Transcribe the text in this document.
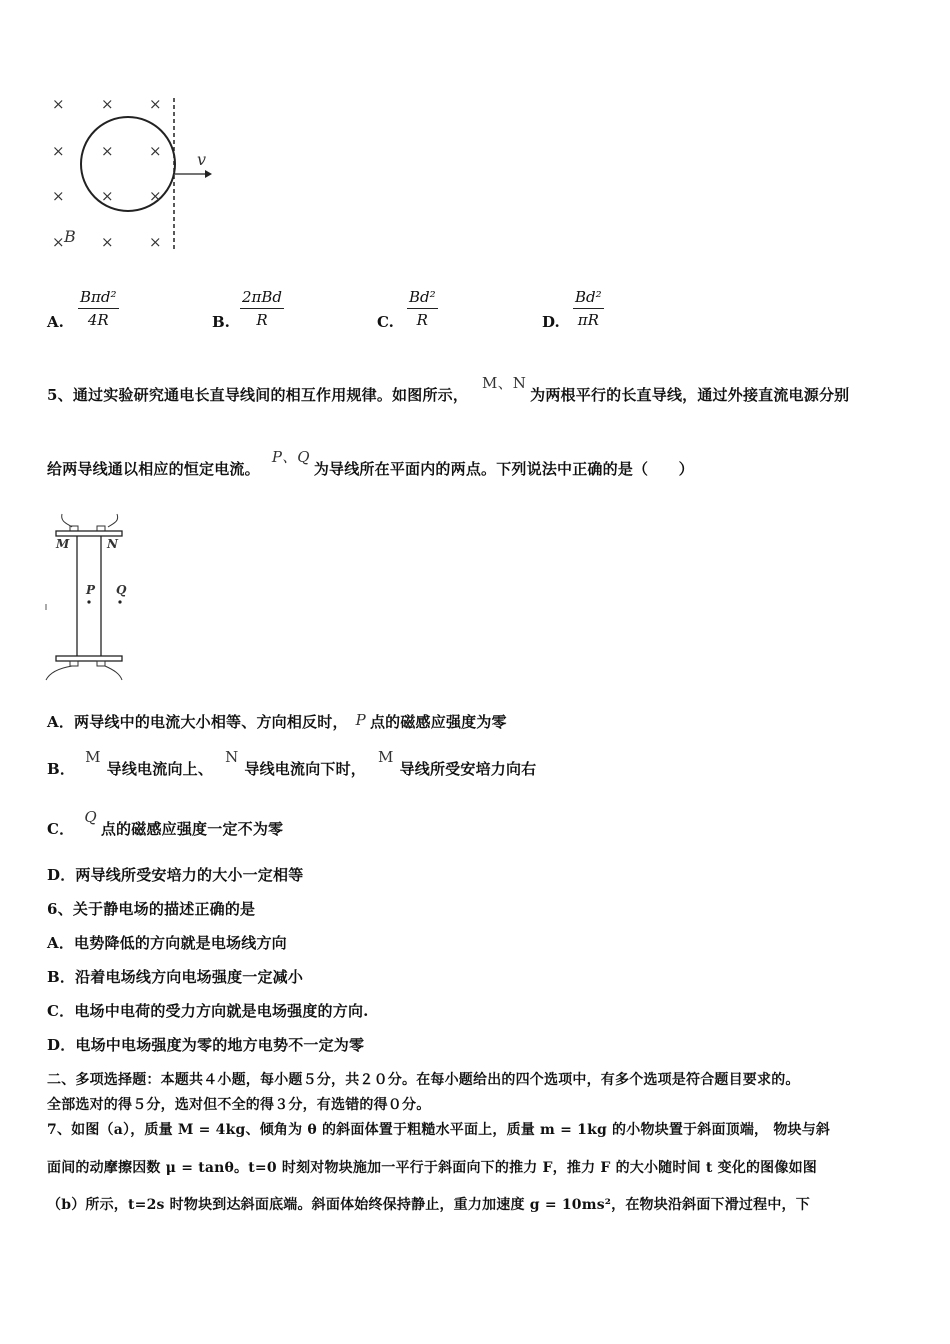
× × ×
× × ×
× × ×
× × ×
B
v
A.
Bπd²
4R	B.
2πBd
R	C.
Bd²
R	D.
Bd²
πR
5、通过实验研究通电长直导线间的相互作用规律。如图所示，M、N为两根平行的长直导线，通过外接直流电源分别
给两导线通以相应的恒定电流。P、Q为导线所在平面内的两点。下列说法中正确的是（　　）
M	N
P Q
A．两导线中的电流大小相等、方向相反时， P 点的磁感应强度为零
B．M导线电流向上、N导线电流向下时，M导线所受安培力向右
C．Q点的磁感应强度一定不为零
D．两导线所受安培力的大小一定相等
6、关于静电场的描述正确的是
A．电势降低的方向就是电场线方向
B．沿着电场线方向电场强度一定减小
C．电场中电荷的受力方向就是电场强度的方向.
D．电场中电场强度为零的地方电势不一定为零
二、多项选择题：本题共４小题，每小题５分，共２０分。在每小题给出的四个选项中，有多个选项是符合题目要求的。
全部选对的得５分，选对但不全的得３分，有选错的得０分。
7、如图（a），质量 M = 4kg、倾角为 θ 的斜面体置于粗糙水平面上，质量 m = 1kg 的小物块置于斜面顶端， 物块与斜
面间的动摩擦因数 μ = tanθ。t=0 时刻对物块施加一平行于斜面向下的推力 F，推力 F 的大小随时间 t 变化的图像如图
（b）所示，t=2s 时物块到达斜面底端。斜面体始终保持静止，重力加速度 g = 10ms²，在物块沿斜面下滑过程中，下
